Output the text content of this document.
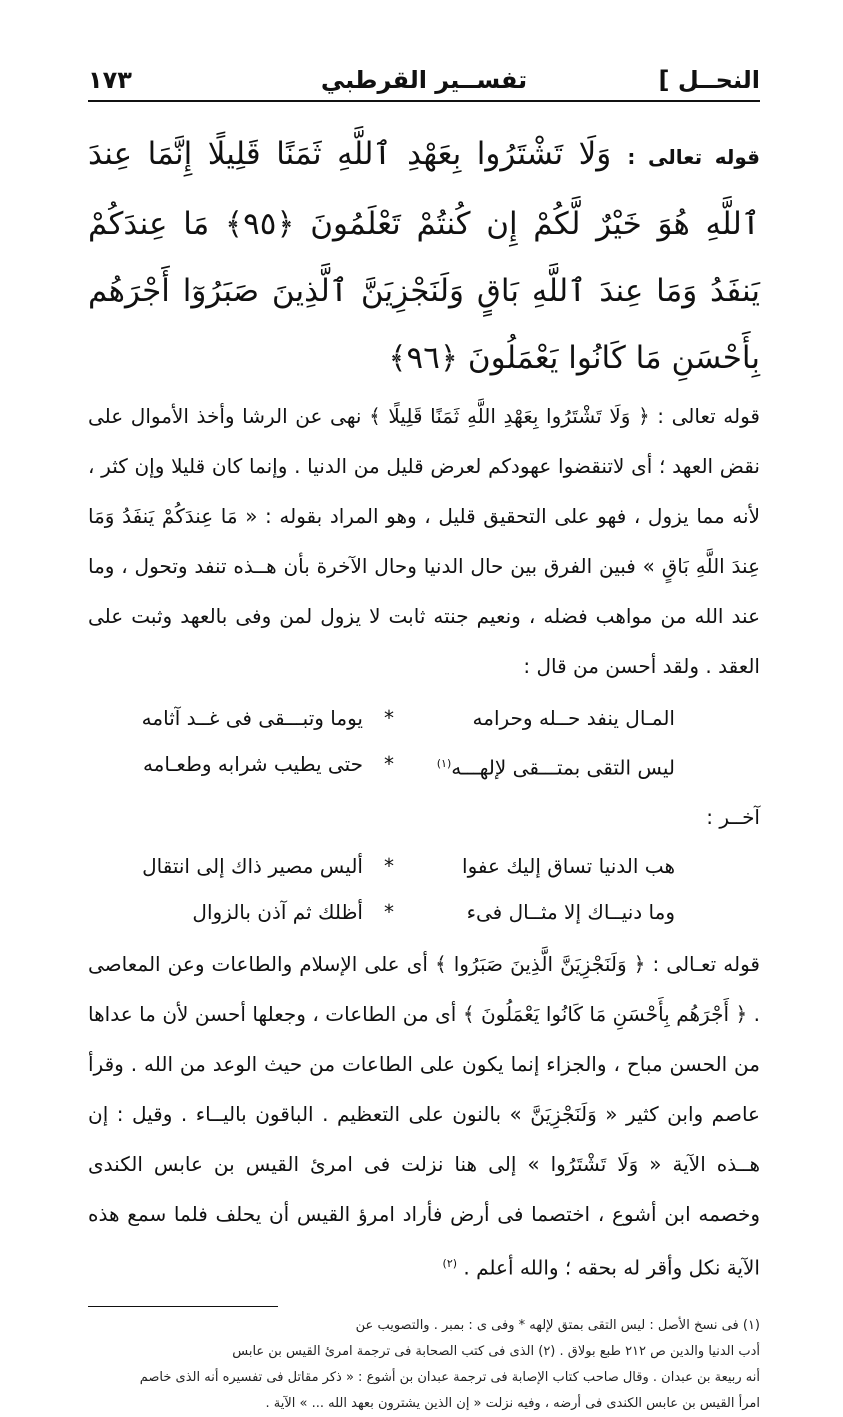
النحــل ]
تفســير القرطبي
١٧٣
قوله تعالى : وَلَا تَشْتَرُوا بِعَهْدِ ٱللَّهِ ثَمَنًا قَلِيلًا إِنَّمَا عِندَ ٱللَّهِ هُوَ خَيْرٌ لَّكُمْ إِن كُنتُمْ تَعْلَمُونَ ﴿٩٥﴾ مَا عِندَكُمْ يَنفَدُ وَمَا عِندَ ٱللَّهِ بَاقٍ وَلَنَجْزِيَنَّ ٱلَّذِينَ صَبَرُوٓا أَجْرَهُم بِأَحْسَنِ مَا كَانُوا يَعْمَلُونَ ﴿٩٦﴾

قوله تعالى : ﴿ وَلَا تَشْتَرُوا بِعَهْدِ اللَّهِ ثَمَنًا قَلِيلًا ﴾ نهى عن الرشا وأخذ الأموال على نقض العهد ؛ أى لاتنقضوا عهودكم لعرض قليل من الدنيا . وإنما كان قليلا وإن كثر ، لأنه مما يزول ، فهو على التحقيق قليل ، وهو المراد بقوله : « مَا عِندَكُمْ يَنفَدُ وَمَا عِندَ اللَّهِ بَاقٍ » فبين الفرق بين حال الدنيا وحال الآخرة بأن هــذه تنفد وتحول ، وما عند الله من مواهب فضله ، ونعيم جنته ثابت لا يزول لمن وفى بالعهد وثبت على العقد . ولقد أحسن من قال :

المـال ينفد حــله وحرامه
*
يوما وتبـــقى فى غــد آثامه
ليس التقى بمتـــقى لإلهـــه$^{(١)}$
*
حتى يطيب شرابه وطعـامه
آخــر :
هب الدنيا تساق إليك عفوا
*
أليس مصير ذاك إلى انتقال
وما دنيــاك إلا مثــال فىء
*
أظلك ثم آذن بالزوال

قوله تعـالى : ﴿ وَلَنَجْزِيَنَّ الَّذِينَ صَبَرُوا ﴾ أى على الإسلام والطاعات وعن المعاصى . ﴿ أَجْرَهُم بِأَحْسَنِ مَا كَانُوا يَعْمَلُونَ ﴾ أى من الطاعات ، وجعلها أحسن لأن ما عداها من الحسن مباح ، والجزاء إنما يكون على الطاعات من حيث الوعد من الله . وقرأ عاصم وابن كثير « وَلَنَجْزِيَنَّ » بالنون على التعظيم . الباقون باليــاء . وقيل : إن هــذه الآية « وَلَا تَشْتَرُوا » إلى هنا نزلت فى امرئ القيس بن عابس الكندى وخصمه ابن أشوع ، اختصما فى أرض فأراد امرؤ القيس أن يحلف فلما سمع هذه الآية نكل وأقر له بحقه ؛ والله أعلم . $^{(٢)}$

(١) فى نسخ الأصل : ليس التقى بمتق لإلهه * وفى ى : بمبر . والتصويب عن

أدب الدنيا والدين ص ٢١٢ طبع بولاق . (٢) الذى فى كتب الصحابة فى ترجمة امرئ القيس بن عابس

أنه ربيعة بن عبدان . وقال صاحب كتاب الإصابة فى ترجمة عبدان بن أشوع : « ذكر مقاتل فى تفسيره أنه الذى خاصم

امرأ القيس بن عابس الكندى فى أرضه ، وفيه نزلت « إن الذين يشترون بعهد الله ... » الآية .
